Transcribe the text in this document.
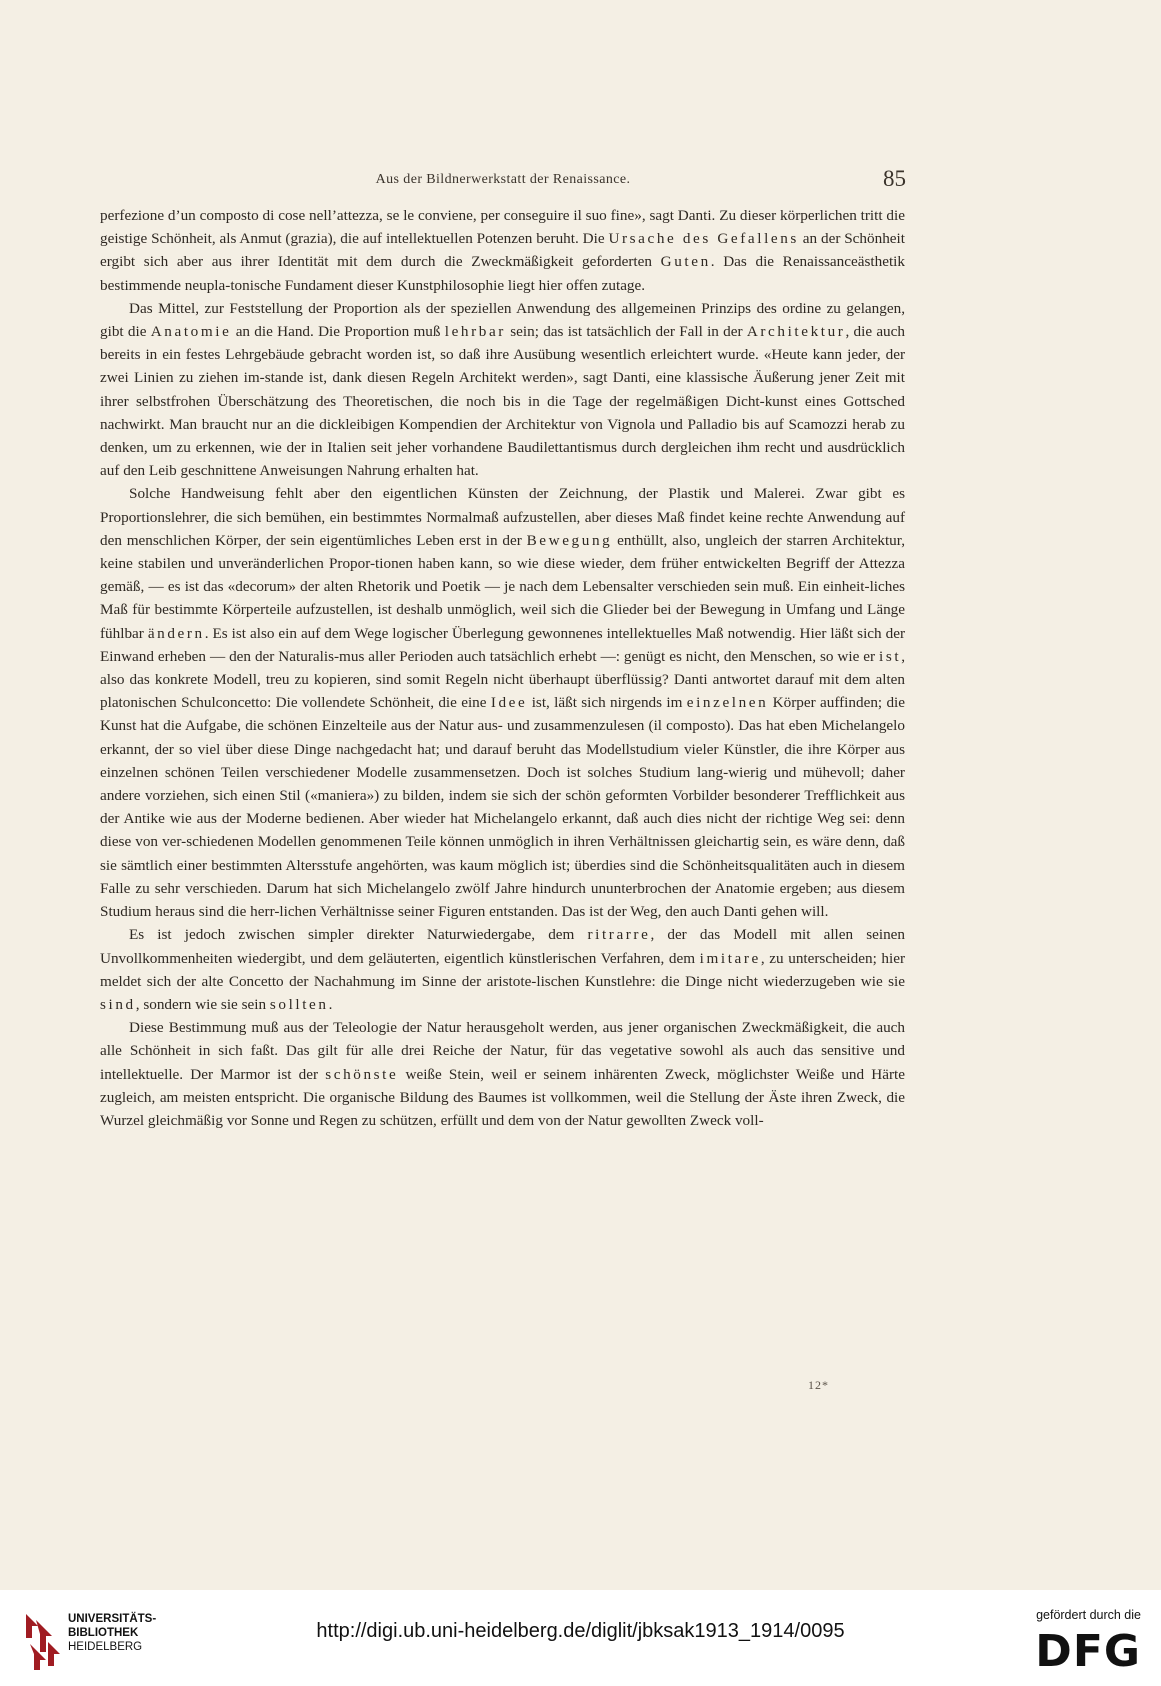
Aus der Bildnerwerkstatt der Renaissance.	85

perfezione d’un composto di cose nell’attezza, se le conviene, per conseguire il suo fine», sagt Danti. Zu dieser körperlichen tritt die geistige Schönheit, als Anmut (grazia), die auf intellektuellen Potenzen beruht. Die Ursache des Gefallens an der Schönheit ergibt sich aber aus ihrer Identität mit dem durch die Zweckmäßigkeit geforderten Guten. Das die Renaissanceästhetik bestimmende neupla-tonische Fundament dieser Kunstphilosophie liegt hier offen zutage.

Das Mittel, zur Feststellung der Proportion als der speziellen Anwendung des allgemeinen Prinzips des ordine zu gelangen, gibt die Anatomie an die Hand. Die Proportion muß lehrbar sein; das ist tatsächlich der Fall in der Architektur, die auch bereits in ein festes Lehrgebäude gebracht worden ist, so daß ihre Ausübung wesentlich erleichtert wurde. «Heute kann jeder, der zwei Linien zu ziehen im-stande ist, dank diesen Regeln Architekt werden», sagt Danti, eine klassische Äußerung jener Zeit mit ihrer selbstfrohen Überschätzung des Theoretischen, die noch bis in die Tage der regelmäßigen Dicht-kunst eines Gottsched nachwirkt. Man braucht nur an die dickleibigen Kompendien der Architektur von Vignola und Palladio bis auf Scamozzi herab zu denken, um zu erkennen, wie der in Italien seit jeher vorhandene Baudilettantismus durch dergleichen ihm recht und ausdrücklich auf den Leib geschnittene Anweisungen Nahrung erhalten hat.

Solche Handweisung fehlt aber den eigentlichen Künsten der Zeichnung, der Plastik und Malerei. Zwar gibt es Proportionslehrer, die sich bemühen, ein bestimmtes Normalmaß aufzustellen, aber dieses Maß findet keine rechte Anwendung auf den menschlichen Körper, der sein eigentümliches Leben erst in der Bewegung enthüllt, also, ungleich der starren Architektur, keine stabilen und unveränderlichen Propor-tionen haben kann, so wie diese wieder, dem früher entwickelten Begriff der Attezza gemäß, — es ist das «decorum» der alten Rhetorik und Poetik — je nach dem Lebensalter verschieden sein muß. Ein einheit-liches Maß für bestimmte Körperteile aufzustellen, ist deshalb unmöglich, weil sich die Glieder bei der Bewegung in Umfang und Länge fühlbar ändern. Es ist also ein auf dem Wege logischer Überlegung gewonnenes intellektuelles Maß notwendig. Hier läßt sich der Einwand erheben — den der Naturalis-mus aller Perioden auch tatsächlich erhebt —: genügt es nicht, den Menschen, so wie er ist, also das konkrete Modell, treu zu kopieren, sind somit Regeln nicht überhaupt überflüssig? Danti antwortet darauf mit dem alten platonischen Schulconcetto: Die vollendete Schönheit, die eine Idee ist, läßt sich nirgends im einzelnen Körper auffinden; die Kunst hat die Aufgabe, die schönen Einzelteile aus der Natur aus- und zusammenzulesen (il composto). Das hat eben Michelangelo erkannt, der so viel über diese Dinge nachgedacht hat; und darauf beruht das Modellstudium vieler Künstler, die ihre Körper aus einzelnen schönen Teilen verschiedener Modelle zusammensetzen. Doch ist solches Studium lang-wierig und mühevoll; daher andere vorziehen, sich einen Stil («maniera») zu bilden, indem sie sich der schön geformten Vorbilder besonderer Trefflichkeit aus der Antike wie aus der Moderne bedienen. Aber wieder hat Michelangelo erkannt, daß auch dies nicht der richtige Weg sei: denn diese von ver-schiedenen Modellen genommenen Teile können unmöglich in ihren Verhältnissen gleichartig sein, es wäre denn, daß sie sämtlich einer bestimmten Altersstufe angehörten, was kaum möglich ist; überdies sind die Schönheitsqualitäten auch in diesem Falle zu sehr verschieden. Darum hat sich Michelangelo zwölf Jahre hindurch ununterbrochen der Anatomie ergeben; aus diesem Studium heraus sind die herr-lichen Verhältnisse seiner Figuren entstanden. Das ist der Weg, den auch Danti gehen will.

Es ist jedoch zwischen simpler direkter Naturwiedergabe, dem ritrarre, der das Modell mit allen seinen Unvollkommenheiten wiedergibt, und dem geläuterten, eigentlich künstlerischen Verfahren, dem imitare, zu unterscheiden; hier meldet sich der alte Concetto der Nachahmung im Sinne der aristote-lischen Kunstlehre: die Dinge nicht wiederzugeben wie sie sind, sondern wie sie sein sollten.

Diese Bestimmung muß aus der Teleologie der Natur herausgeholt werden, aus jener organischen Zweckmäßigkeit, die auch alle Schönheit in sich faßt. Das gilt für alle drei Reiche der Natur, für das vegetative sowohl als auch das sensitive und intellektuelle. Der Marmor ist der schönste weiße Stein, weil er seinem inhärenten Zweck, möglichster Weiße und Härte zugleich, am meisten entspricht. Die organische Bildung des Baumes ist vollkommen, weil die Stellung der Äste ihren Zweck, die Wurzel gleichmäßig vor Sonne und Regen zu schützen, erfüllt und dem von der Natur gewollten Zweck voll-

12*
UNIVERSITÄTS-
BIBLIOTHEK
HEIDELBERG
http://digi.ub.uni-heidelberg.de/diglit/jbksak1913_1914/0095
gefördert durch die
DFG
